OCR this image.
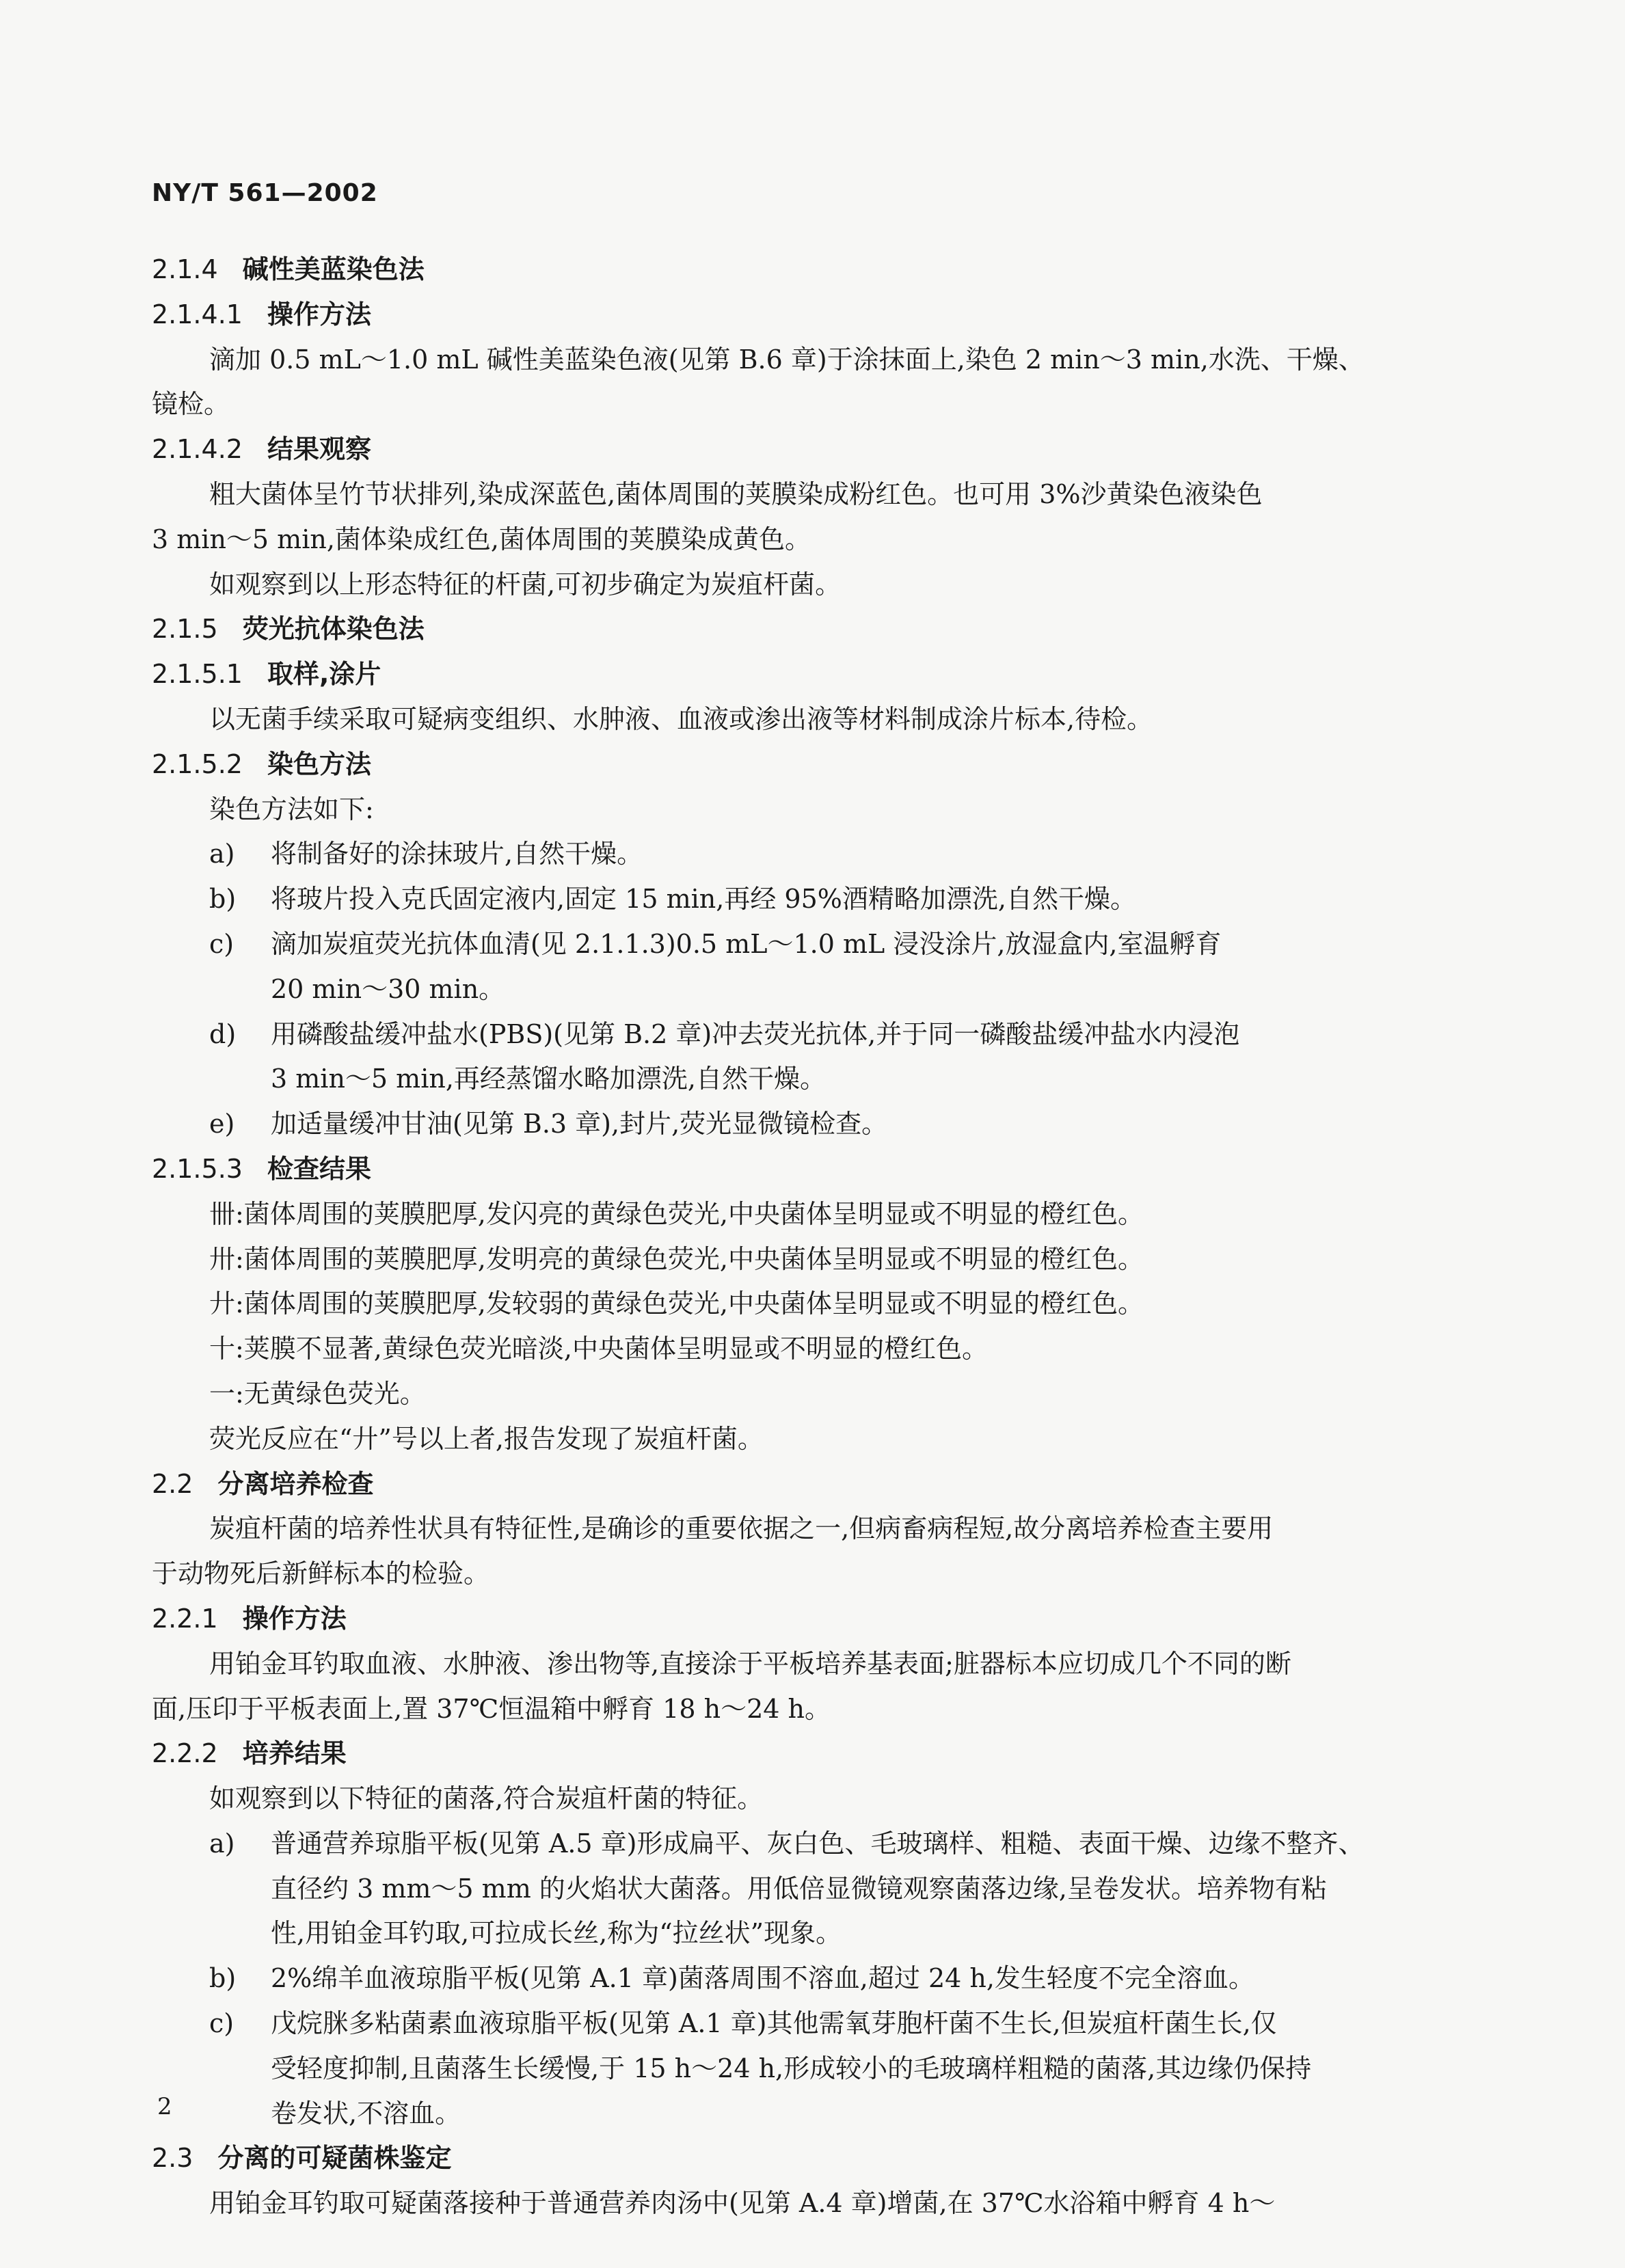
NY/T 561—2002
2.1.4 碱性美蓝染色法
2.1.4.1 操作方法
滴加 0.5 mL～1.0 mL 碱性美蓝染色液(见第 B.6 章)于涂抹面上,染色 2 min～3 min,水洗、干燥、
镜检。
2.1.4.2 结果观察
粗大菌体呈竹节状排列,染成深蓝色,菌体周围的荚膜染成粉红色。也可用 3%沙黄染色液染色
3 min～5 min,菌体染成红色,菌体周围的荚膜染成黄色。
如观察到以上形态特征的杆菌,可初步确定为炭疽杆菌。
2.1.5 荧光抗体染色法
2.1.5.1 取样,涂片
以无菌手续采取可疑病变组织、水肿液、血液或渗出液等材料制成涂片标本,待检。
2.1.5.2 染色方法
染色方法如下:
a) 将制备好的涂抹玻片,自然干燥。
b) 将玻片投入克氏固定液内,固定 15 min,再经 95%酒精略加漂洗,自然干燥。
c) 滴加炭疽荧光抗体血清(见 2.1.1.3)0.5 mL～1.0 mL 浸没涂片,放湿盒内,室温孵育
20 min～30 min。
d) 用磷酸盐缓冲盐水(PBS)(见第 B.2 章)冲去荧光抗体,并于同一磷酸盐缓冲盐水内浸泡
3 min～5 min,再经蒸馏水略加漂洗,自然干燥。
e) 加适量缓冲甘油(见第 B.3 章),封片,荧光显微镜检查。
2.1.5.3 检查结果
卌:菌体周围的荚膜肥厚,发闪亮的黄绿色荧光,中央菌体呈明显或不明显的橙红色。
卅:菌体周围的荚膜肥厚,发明亮的黄绿色荧光,中央菌体呈明显或不明显的橙红色。
廾:菌体周围的荚膜肥厚,发较弱的黄绿色荧光,中央菌体呈明显或不明显的橙红色。
十:荚膜不显著,黄绿色荧光暗淡,中央菌体呈明显或不明显的橙红色。
一:无黄绿色荧光。
荧光反应在“廾”号以上者,报告发现了炭疽杆菌。
2.2 分离培养检查
炭疽杆菌的培养性状具有特征性,是确诊的重要依据之一,但病畜病程短,故分离培养检查主要用
于动物死后新鲜标本的检验。
2.2.1 操作方法
用铂金耳钓取血液、水肿液、渗出物等,直接涂于平板培养基表面;脏器标本应切成几个不同的断
面,压印于平板表面上,置 37℃恒温箱中孵育 18 h～24 h。
2.2.2 培养结果
如观察到以下特征的菌落,符合炭疽杆菌的特征。
a) 普通营养琼脂平板(见第 A.5 章)形成扁平、灰白色、毛玻璃样、粗糙、表面干燥、边缘不整齐、
直径约 3 mm～5 mm 的火焰状大菌落。用低倍显微镜观察菌落边缘,呈卷发状。培养物有粘
性,用铂金耳钓取,可拉成长丝,称为“拉丝状”现象。
b) 2%绵羊血液琼脂平板(见第 A.1 章)菌落周围不溶血,超过 24 h,发生轻度不完全溶血。
c) 戊烷脒多粘菌素血液琼脂平板(见第 A.1 章)其他需氧芽胞杆菌不生长,但炭疽杆菌生长,仅
受轻度抑制,且菌落生长缓慢,于 15 h～24 h,形成较小的毛玻璃样粗糙的菌落,其边缘仍保持
卷发状,不溶血。
2.3 分离的可疑菌株鉴定
用铂金耳钓取可疑菌落接种于普通营养肉汤中(见第 A.4 章)增菌,在 37℃水浴箱中孵育 4 h～
2
